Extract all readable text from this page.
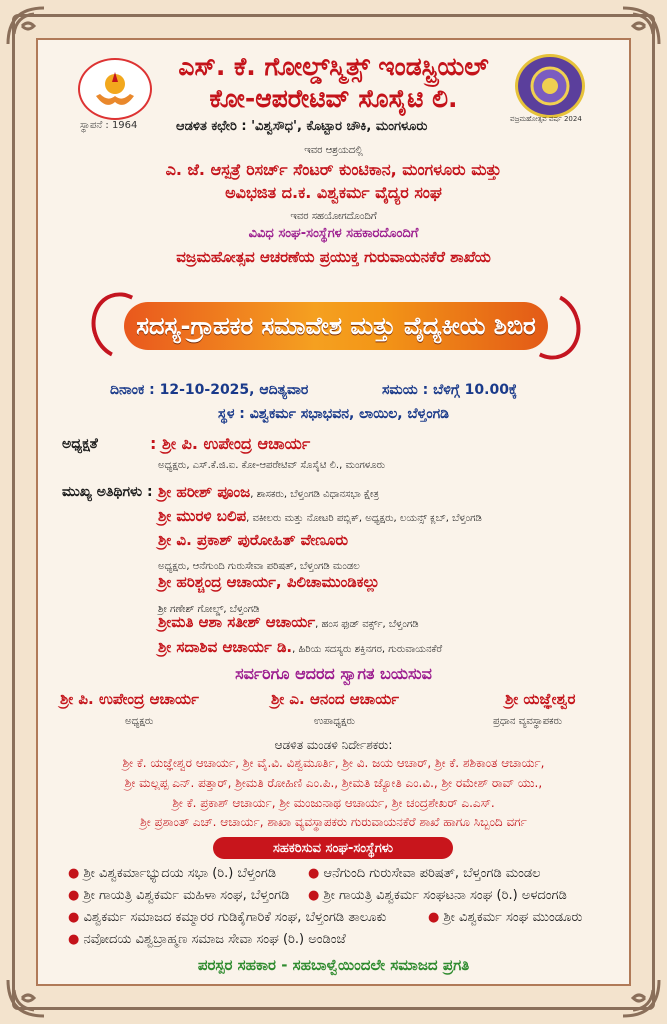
ಸ್ಥಾಪನೆ : 1964
ವಜ್ರಮಹೋತ್ಸವ ವರ್ಷ 2024
ಎಸ್. ಕೆ. ಗೋಲ್ಡ್‌ಸ್ಮಿತ್ಸ್ ಇಂಡಸ್ಟ್ರಿಯಲ್
ಕೋ-ಆಪರೇಟಿವ್ ಸೊಸೈಟಿ ಲಿ.
ಆಡಳಿತ ಕಛೇರಿ : 'ವಿಶ್ವಸೌಧ', ಕೊಟ್ಟಾರ ಚೌಕಿ, ಮಂಗಳೂರು
ಇವರ ಆಶ್ರಯದಲ್ಲಿ
ಎ. ಜೆ. ಆಸ್ಪತ್ರೆ ರಿಸರ್ಚ್ ಸೆಂಟರ್ ಕುಂಟಿಕಾನ, ಮಂಗಳೂರು ಮತ್ತು
ಅವಿಭಜಿತ ದ.ಕ. ವಿಶ್ವಕರ್ಮ ವೈದ್ಯರ ಸಂಘ
ಇವರ ಸಹಯೋಗದೊಂದಿಗೆ
ವಿವಿಧ ಸಂಘ-ಸಂಸ್ಥೆಗಳ ಸಹಕಾರದೊಂದಿಗೆ
ವಜ್ರಮಹೋತ್ಸವ ಆಚರಣೆಯ ಪ್ರಯುಕ್ತ ಗುರುವಾಯನಕೆರೆ ಶಾಖೆಯ
ಸದಸ್ಯ-ಗ್ರಾಹಕರ ಸಮಾವೇಶ ಮತ್ತು ವೈದ್ಯಕೀಯ ಶಿಬಿರ
ದಿನಾಂಕ : 12-10-2025, ಆದಿತ್ಯವಾರ	ಸಮಯ : ಬೆಳಿಗ್ಗೆ 10.00ಕ್ಕೆ
ಸ್ಥಳ : ವಿಶ್ವಕರ್ಮ ಸಭಾಭವನ, ಲಾಯಿಲ, ಬೆಳ್ತಂಗಡಿ
ಅಧ್ಯಕ್ಷತೆ	: ಶ್ರೀ ಪಿ. ಉಪೇಂದ್ರ ಆಚಾರ್ಯ
ಅಧ್ಯಕ್ಷರು, ಎಸ್.ಕೆ.ಜಿ.ಐ. ಕೋ-ಆಪರೇಟಿವ್ ಸೊಸೈಟಿ ಲಿ., ಮಂಗಳೂರು
ಮುಖ್ಯ ಅತಿಥಿಗಳು : ಶ್ರೀ ಹರೀಶ್ ಪೂಂಜ, ಶಾಸಕರು, ಬೆಳ್ತಂಗಡಿ ವಿಧಾನಸಭಾ ಕ್ಷೇತ್ರ
ಶ್ರೀ ಮುರಳಿ ಬಲಿಪ, ವಕೀಲರು ಮತ್ತು ನೋಟರಿ ಪಬ್ಲಿಕ್, ಅಧ್ಯಕ್ಷರು, ಲಯನ್ಸ್ ಕ್ಲಬ್, ಬೆಳ್ತಂಗಡಿ
ಶ್ರೀ ವಿ. ಪ್ರಕಾಶ್ ಪುರೋಹಿತ್ ವೇಣೂರು
ಅಧ್ಯಕ್ಷರು, ಆನೆಗುಂದಿ ಗುರುಸೇವಾ ಪರಿಷತ್, ಬೆಳ್ತಂಗಡಿ ಮಂಡಲ
ಶ್ರೀ ಹರಿಶ್ಚಂದ್ರ ಆಚಾರ್ಯ, ಪಿಲಿಚಾಮುಂಡಿಕಲ್ಲು
ಶ್ರೀ ಗಣೇಶ್ ಗೋಲ್ಡ್, ಬೆಳ್ತಂಗಡಿ
ಶ್ರೀಮತಿ ಆಶಾ ಸತೀಶ್ ಆಚಾರ್ಯ, ಹಂಸ ಫುಡ್ ವರ್ಕ್ಸ್, ಬೆಳ್ತಂಗಡಿ
ಶ್ರೀ ಸದಾಶಿವ ಆಚಾರ್ಯ ಡಿ., ಹಿರಿಯ ಸದಸ್ಯರು ಶಕ್ತಿನಗರ, ಗುರುವಾಯನಕೆರೆ
ಸರ್ವರಿಗೂ ಆದರದ ಸ್ವಾಗತ ಬಯಸುವ
ಶ್ರೀ ಪಿ. ಉಪೇಂದ್ರ ಆಚಾರ್ಯ
ಅಧ್ಯಕ್ಷರು
ಶ್ರೀ ಎ. ಆನಂದ ಆಚಾರ್ಯ
ಉಪಾಧ್ಯಕ್ಷರು
ಶ್ರೀ ಯಜ್ಞೇಶ್ವರ
ಪ್ರಧಾನ ವ್ಯವಸ್ಥಾಪಕರು
ಆಡಳಿತ ಮಂಡಳಿ ನಿರ್ದೇಶಕರು:
ಶ್ರೀ ಕೆ. ಯಜ್ಞೇಶ್ವರ ಆಚಾರ್ಯ, ಶ್ರೀ ವೈ.ವಿ. ವಿಶ್ವಮೂರ್ತಿ, ಶ್ರೀ ವಿ. ಜಯ ಆಚಾರ್, ಶ್ರೀ ಕೆ. ಶಶಿಕಾಂತ ಆಚಾರ್ಯ,
ಶ್ರೀ ಮಲ್ಲಪ್ಪ ಎನ್. ಪತ್ತಾರ್, ಶ್ರೀಮತಿ ರೋಹಿಣಿ ಎಂ.ಪಿ., ಶ್ರೀಮತಿ ಜ್ಯೋತಿ ಎಂ.ವಿ., ಶ್ರೀ ರಮೇಶ್ ರಾವ್ ಯು.,
ಶ್ರೀ ಕೆ. ಪ್ರಕಾಶ್ ಆಚಾರ್ಯ, ಶ್ರೀ ಮಂಜುನಾಥ ಆಚಾರ್ಯ, ಶ್ರೀ ಚಂದ್ರಶೇಖರ್ ಎ.ಎಸ್.
ಶ್ರೀ ಪ್ರಶಾಂತ್ ಎಚ್. ಆಚಾರ್ಯ, ಶಾಖಾ ವ್ಯವಸ್ಥಾಪಕರು ಗುರುವಾಯನಕೆರೆ ಶಾಖೆ ಹಾಗೂ ಸಿಬ್ಬಂದಿ ವರ್ಗ
ಸಹಕರಿಸುವ ಸಂಘ-ಸಂಸ್ಥೆಗಳು
● ಶ್ರೀ ವಿಶ್ವಕರ್ಮಾಭ್ಯುದಯ ಸಭಾ (ರಿ.) ಬೆಳ್ತಂಗಡಿ ● ಆನೆಗುಂದಿ ಗುರುಸೇವಾ ಪರಿಷತ್, ಬೆಳ್ತಂಗಡಿ ಮಂಡಲ
● ಶ್ರೀ ಗಾಯತ್ರಿ ವಿಶ್ವಕರ್ಮ ಮಹಿಳಾ ಸಂಘ, ಬೆಳ್ತಂಗಡಿ ● ಶ್ರೀ ಗಾಯತ್ರಿ ವಿಶ್ವಕರ್ಮ ಸಂಘಟನಾ ಸಂಘ (ರಿ.) ಅಳದಂಗಡಿ
● ವಿಶ್ವಕರ್ಮ ಸಮಾಜದ ಕಮ್ಮಾರರ ಗುಡಿಕೈಗಾರಿಕೆ ಸಂಘ, ಬೆಳ್ತಂಗಡಿ ತಾಲೂಕು	● ಶ್ರೀ ವಿಶ್ವಕರ್ಮ ಸಂಘ ಮುಂಡೂರು
● ನವೋದಯ ವಿಶ್ವಬ್ರಾಹ್ಮಣ ಸಮಾಜ ಸೇವಾ ಸಂಘ (ರಿ.) ಅಂಡಿಂಜೆ
ಪರಸ್ಪರ ಸಹಕಾರ - ಸಹಬಾಳ್ವೆಯಿಂದಲೇ ಸಮಾಜದ ಪ್ರಗತಿ
